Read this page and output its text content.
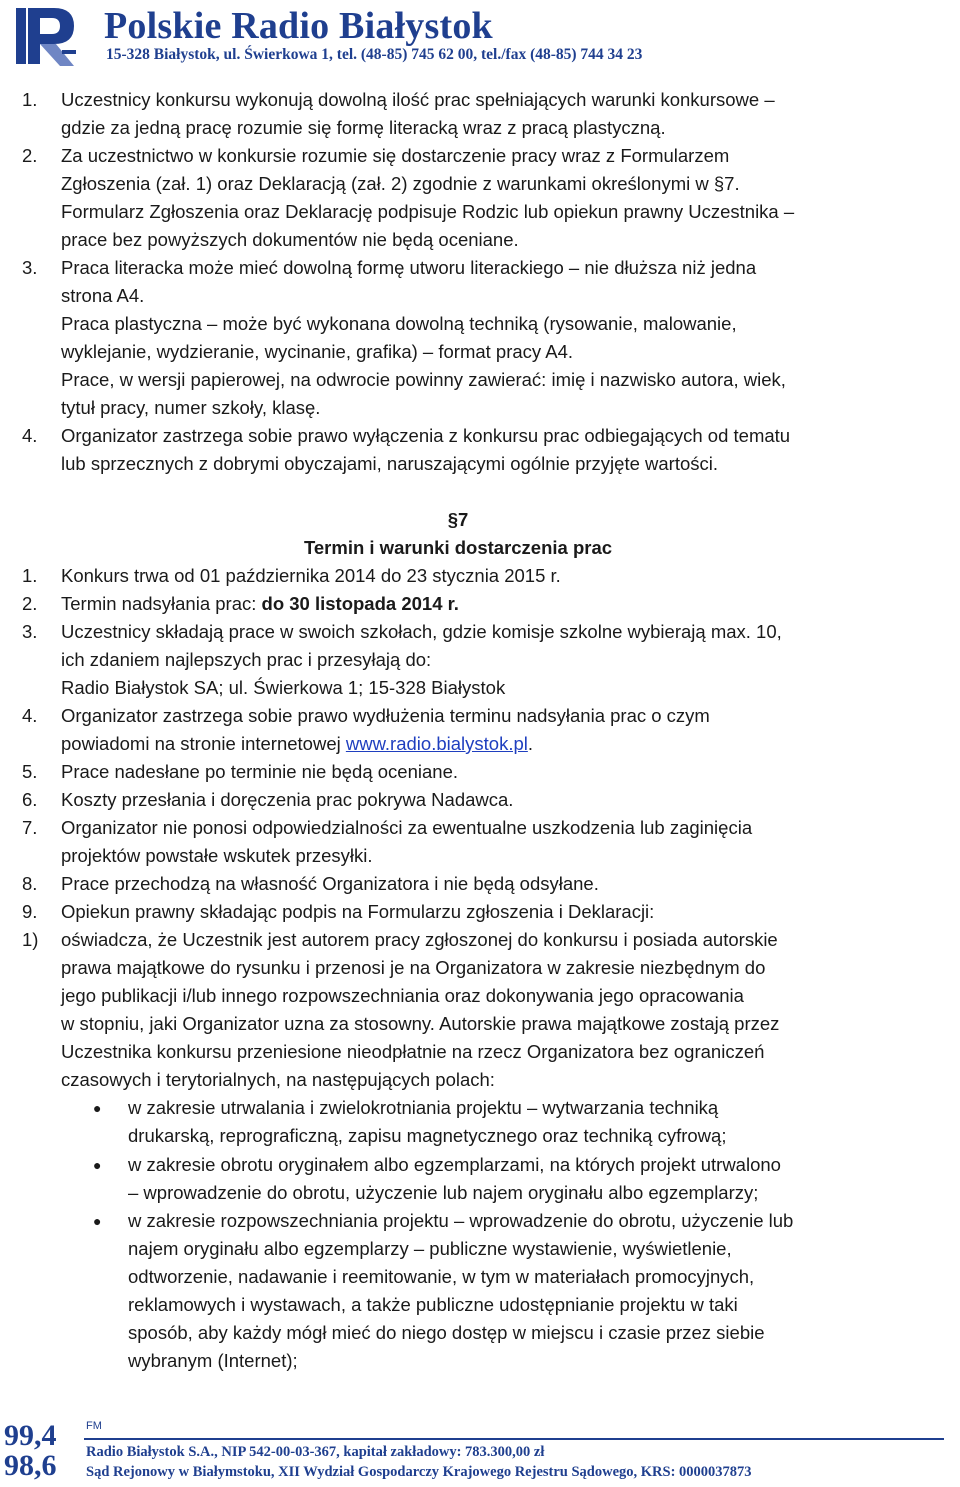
Polskie Radio Białystok
15-328 Białystok, ul. Świerkowa 1, tel. (48-85) 745 62 00, tel./fax (48-85) 744 34 23
1. Uczestnicy konkursu wykonują dowolną ilość prac spełniających warunki konkursowe –
gdzie za jedną pracę rozumie się formę literacką wraz z pracą plastyczną.
2. Za uczestnictwo w konkursie rozumie się dostarczenie pracy wraz z Formularzem
Zgłoszenia (zał. 1) oraz Deklaracją (zał. 2) zgodnie z warunkami określonymi w §7.
Formularz Zgłoszenia oraz Deklarację podpisuje Rodzic lub opiekun prawny Uczestnika –
prace bez powyższych dokumentów nie będą oceniane.
3. Praca literacka może mieć dowolną formę utworu literackiego – nie dłuższa niż jedna
strona A4.
Praca plastyczna – może być wykonana dowolną techniką (rysowanie, malowanie,
wyklejanie, wydzieranie, wycinanie, grafika) – format pracy A4.
Prace, w wersji papierowej, na odwrocie powinny zawierać: imię i nazwisko autora, wiek,
tytuł pracy, numer szkoły, klasę.
4. Organizator zastrzega sobie prawo wyłączenia z konkursu prac odbiegających od tematu
lub sprzecznych z dobrymi obyczajami, naruszającymi ogólnie przyjęte wartości.
§7
Termin i warunki dostarczenia prac
1. Konkurs trwa od 01 października 2014 do 23 stycznia 2015 r.
2. Termin nadsyłania prac: do 30 listopada 2014 r.
3. Uczestnicy składają prace w swoich szkołach, gdzie komisje szkolne wybierają max. 10,
ich zdaniem najlepszych prac i przesyłają do:
Radio Białystok SA; ul. Świerkowa 1; 15-328 Białystok
4. Organizator zastrzega sobie prawo wydłużenia terminu nadsyłania prac o czym
powiadomi na stronie internetowej www.radio.bialystok.pl.
5. Prace nadesłane po terminie nie będą oceniane.
6. Koszty przesłania i doręczenia prac pokrywa Nadawca.
7. Organizator nie ponosi odpowiedzialności za ewentualne uszkodzenia lub zaginięcia
projektów powstałe wskutek przesyłki.
8. Prace przechodzą na własność Organizatora i nie będą odsyłane.
9. Opiekun prawny składając podpis na Formularzu zgłoszenia i Deklaracji:
1) oświadcza, że Uczestnik jest autorem pracy zgłoszonej do konkursu i posiada autorskie
prawa majątkowe do rysunku i przenosi je na Organizatora w zakresie niezbędnym do
jego publikacji i/lub innego rozpowszechniania oraz dokonywania jego opracowania
w stopniu, jaki Organizator uzna za stosowny. Autorskie prawa majątkowe zostają przez
Uczestnika konkursu przeniesione nieodpłatnie na rzecz Organizatora bez ograniczeń
czasowych i terytorialnych, na następujących polach:
● w zakresie utrwalania i zwielokrotniania projektu – wytwarzania techniką
drukarską, reprograficzną, zapisu magnetycznego oraz techniką cyfrową;
● w zakresie obrotu oryginałem albo egzemplarzami, na których projekt utrwalono
– wprowadzenie do obrotu, użyczenie lub najem oryginału albo egzemplarzy;
● w zakresie rozpowszechniania projektu – wprowadzenie do obrotu, użyczenie lub
najem oryginału albo egzemplarzy – publiczne wystawienie, wyświetlenie,
odtworzenie, nadawanie i reemitowanie, w tym w materiałach promocyjnych,
reklamowych i wystawach, a także publiczne udostępnianie projektu w taki
sposób, aby każdy mógł mieć do niego dostęp w miejscu i czasie przez siebie
wybranym (Internet);
99,4
98,6
FM
Radio Białystok S.A., NIP 542-00-03-367, kapitał zakładowy: 783.300,00 zł
Sąd Rejonowy w Białymstoku, XII Wydział Gospodarczy Krajowego Rejestru Sądowego, KRS: 0000037873
